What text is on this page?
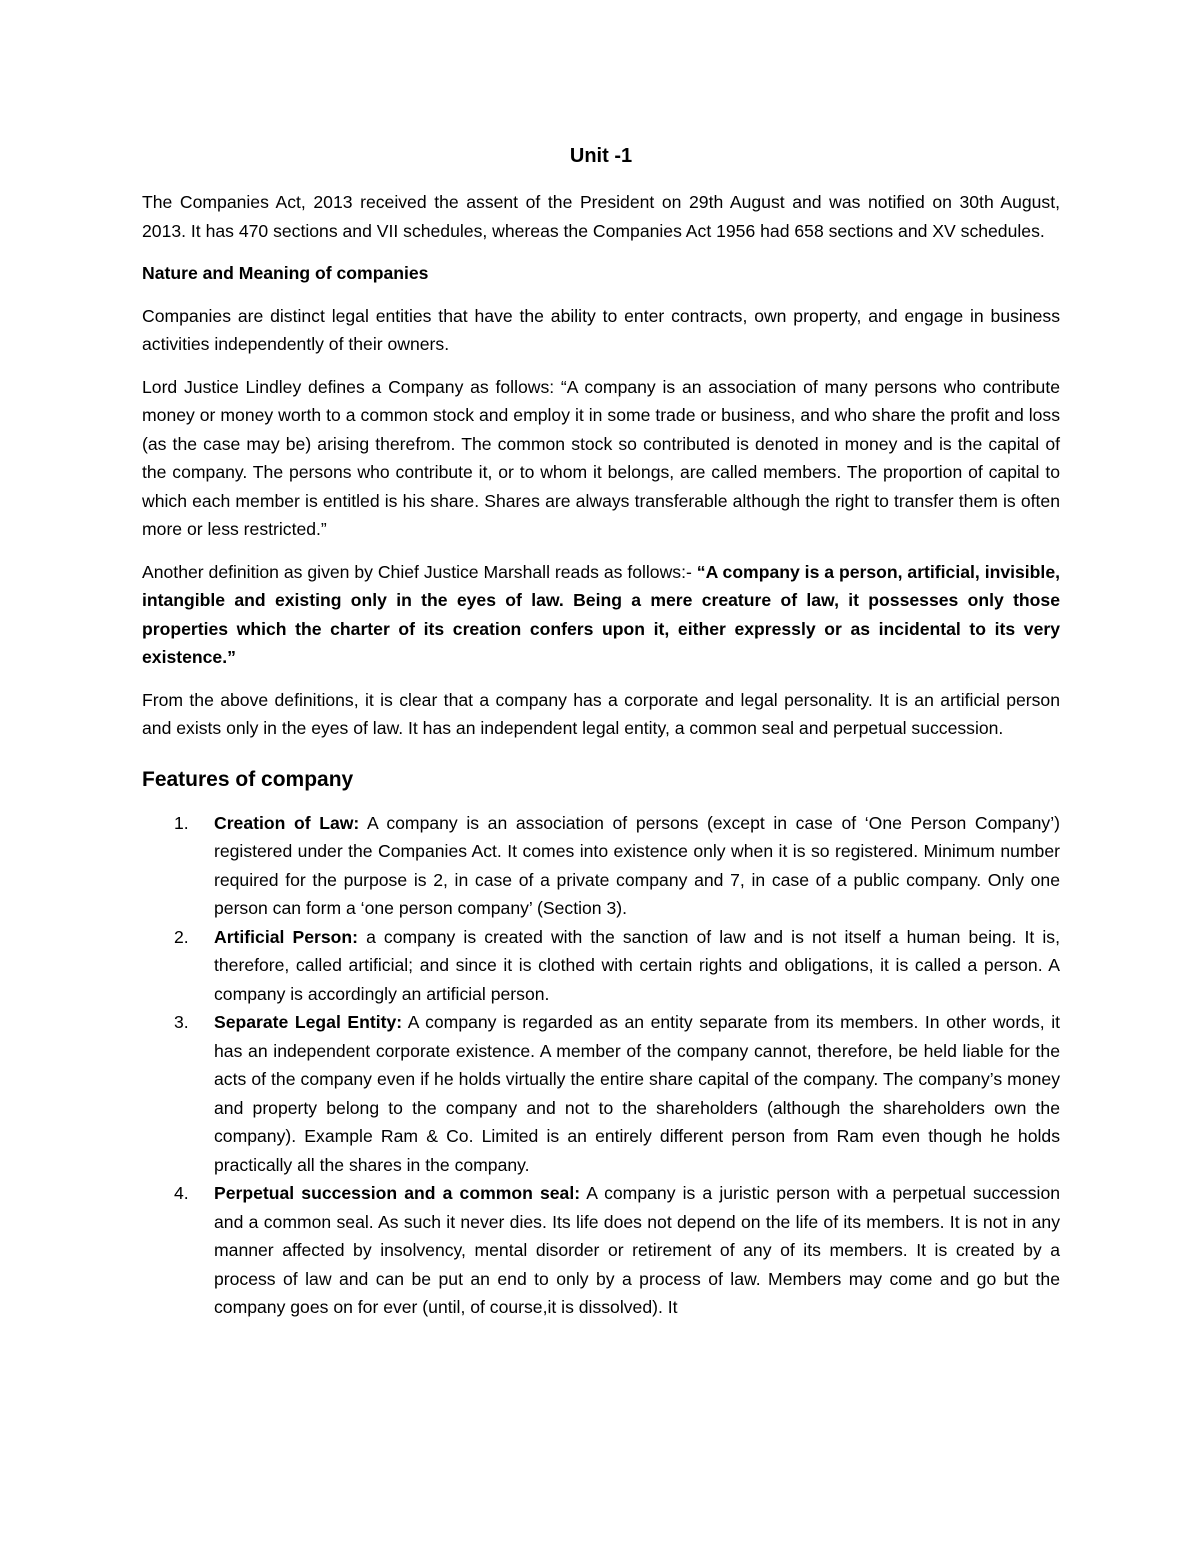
Unit -1

The Companies Act, 2013 received the assent of the President on 29th August and was notified on 30th August, 2013. It has 470 sections and VII schedules, whereas the Companies Act 1956 had 658 sections and XV schedules.

Nature and Meaning of companies

Companies are distinct legal entities that have the ability to enter contracts, own property, and engage in business activities independently of their owners.

Lord Justice Lindley defines a Company as follows: “A company is an association of many persons who contribute money or money worth to a common stock and employ it in some trade or business, and who share the profit and loss (as the case may be) arising therefrom. The common stock so contributed is denoted in money and is the capital of the company. The persons who contribute it, or to whom it belongs, are called members. The proportion of capital to which each member is entitled is his share. Shares are always transferable although the right to transfer them is often more or less restricted.”

Another definition as given by Chief Justice Marshall reads as follows:- “A company is a person, artificial, invisible, intangible and existing only in the eyes of law. Being a mere creature of law, it possesses only those properties which the charter of its creation confers upon it, either expressly or as incidental to its very existence.”

From the above definitions, it is clear that a company has a corporate and legal personality. It is an artificial person and exists only in the eyes of law. It has an independent legal entity, a common seal and perpetual succession.

Features of company
1. Creation of Law: A company is an association of persons (except in case of ‘One Person Company’) registered under the Companies Act. It comes into existence only when it is so registered. Minimum number required for the purpose is 2, in case of a private company and 7, in case of a public company. Only one person can form a ‘one person company’ (Section 3).
2. Artificial Person: a company is created with the sanction of law and is not itself a human being. It is, therefore, called artificial; and since it is clothed with certain rights and obligations, it is called a person. A company is accordingly an artificial person.
3. Separate Legal Entity: A company is regarded as an entity separate from its members. In other words, it has an independent corporate existence. A member of the company cannot, therefore, be held liable for the acts of the company even if he holds virtually the entire share capital of the company. The company’s money and property belong to the company and not to the shareholders (although the shareholders own the company). Example Ram & Co. Limited is an entirely different person from Ram even though he holds practically all the shares in the company.
4. Perpetual succession and a common seal: A company is a juristic person with a perpetual succession and a common seal. As such it never dies. Its life does not depend on the life of its members. It is not in any manner affected by insolvency, mental disorder or retirement of any of its members. It is created by a process of law and can be put an end to only by a process of law. Members may come and go but the company goes on for ever (until, of course,it is dissolved). It
